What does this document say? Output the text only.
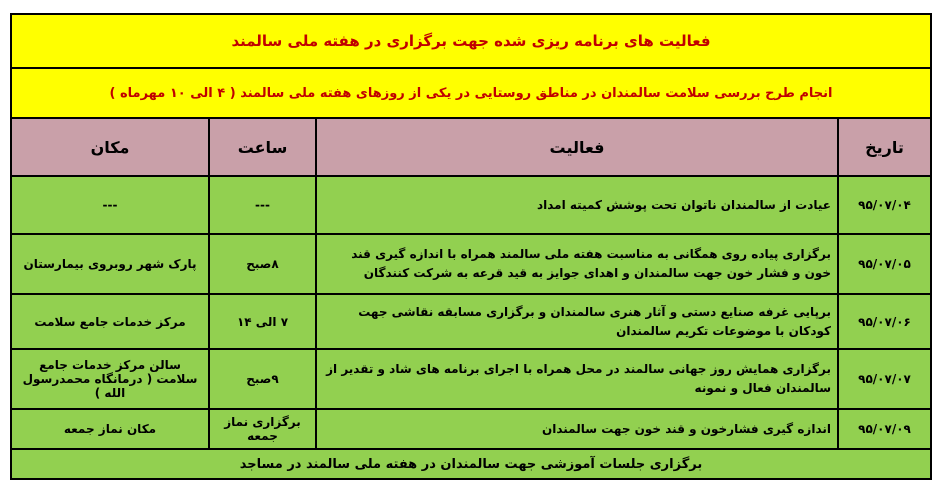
فعالیت های برنامه ریزی شده جهت برگزاری در هفته ملی سالمند			
انجام طرح بررسی سلامت سالمندان در مناطق روستایی در یکی از روزهای هفته ملی سالمند ( ۴ الی ۱۰ مهرماه )			
تاریخ	فعالیت	ساعت	مکان
۹۵/۰۷/۰۴	عیادت از سالمندان ناتوان تحت پوشش کمیته امداد	---	---
۹۵/۰۷/۰۵	برگزاری پیاده روی همگانی به مناسبت هفته ملی سالمند همراه با اندازه گیری قند خون و فشار خون جهت سالمندان و اهدای جوایز به قید قرعه به شرکت کنندگان	۸صبح	پارک شهر روبروی بیمارستان
۹۵/۰۷/۰۶	برپایی غرفه صنایع دستی و آثار هنری سالمندان و برگزاری مسابقه نقاشی جهت کودکان با موضوعات تکریم سالمندان	۷ الی ۱۴	مرکز خدمات جامع سلامت
۹۵/۰۷/۰۷	برگزاری همایش روز جهانی سالمند در محل همراه با اجرای برنامه های شاد و تقدیر از سالمندان فعال و نمونه	۹صبح	سالن مرکز خدمات جامع سلامت ( درمانگاه محمدرسول الله )
۹۵/۰۷/۰۹	اندازه گیری فشارخون و قند خون جهت سالمندان	برگزاری نماز جمعه	مکان نماز جمعه
برگزاری جلسات آموزشی جهت سالمندان در هفته ملی سالمند در مساجد			
